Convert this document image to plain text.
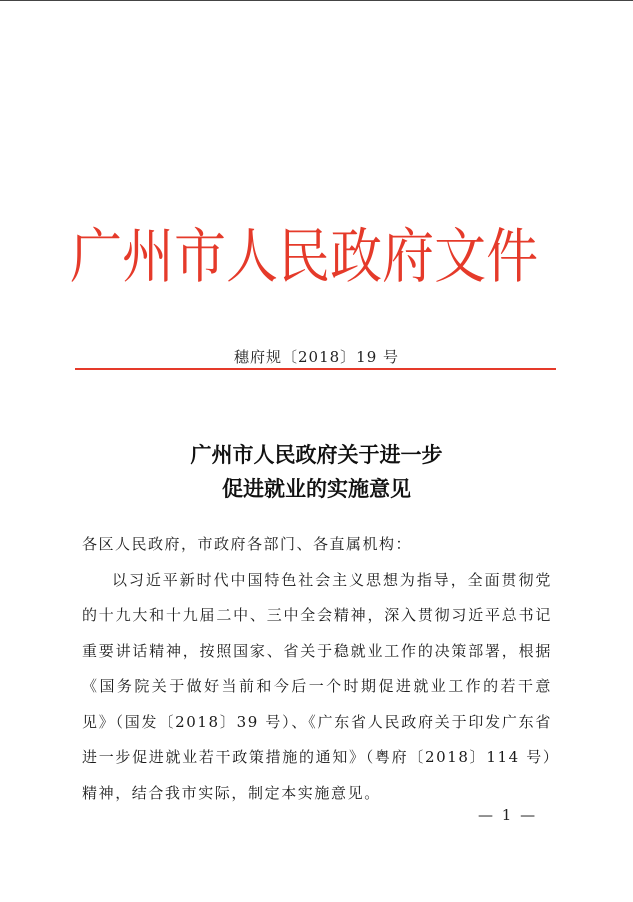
广 州 市 人 民 政 府 文 件
穗府规〔2018〕19 号
广州市人民政府关于进一步
促进就业的实施意见

各区人民政府，市政府各部门、各直属机构：

以习近平新时代中国特色社会主义思想为指导，全面贯彻党的十九大和十九届二中、三中全会精神，深入贯彻习近平总书记重要讲话精神，按照国家、省关于稳就业工作的决策部署，根据《国务院关于做好当前和今后一个时期促进就业工作的若干意见》（国发〔2018〕39 号）、《广东省人民政府关于印发广东省进一步促进就业若干政策措施的通知》（粤府〔2018〕114 号）精神，结合我市实际，制定本实施意见。

— 1 —
